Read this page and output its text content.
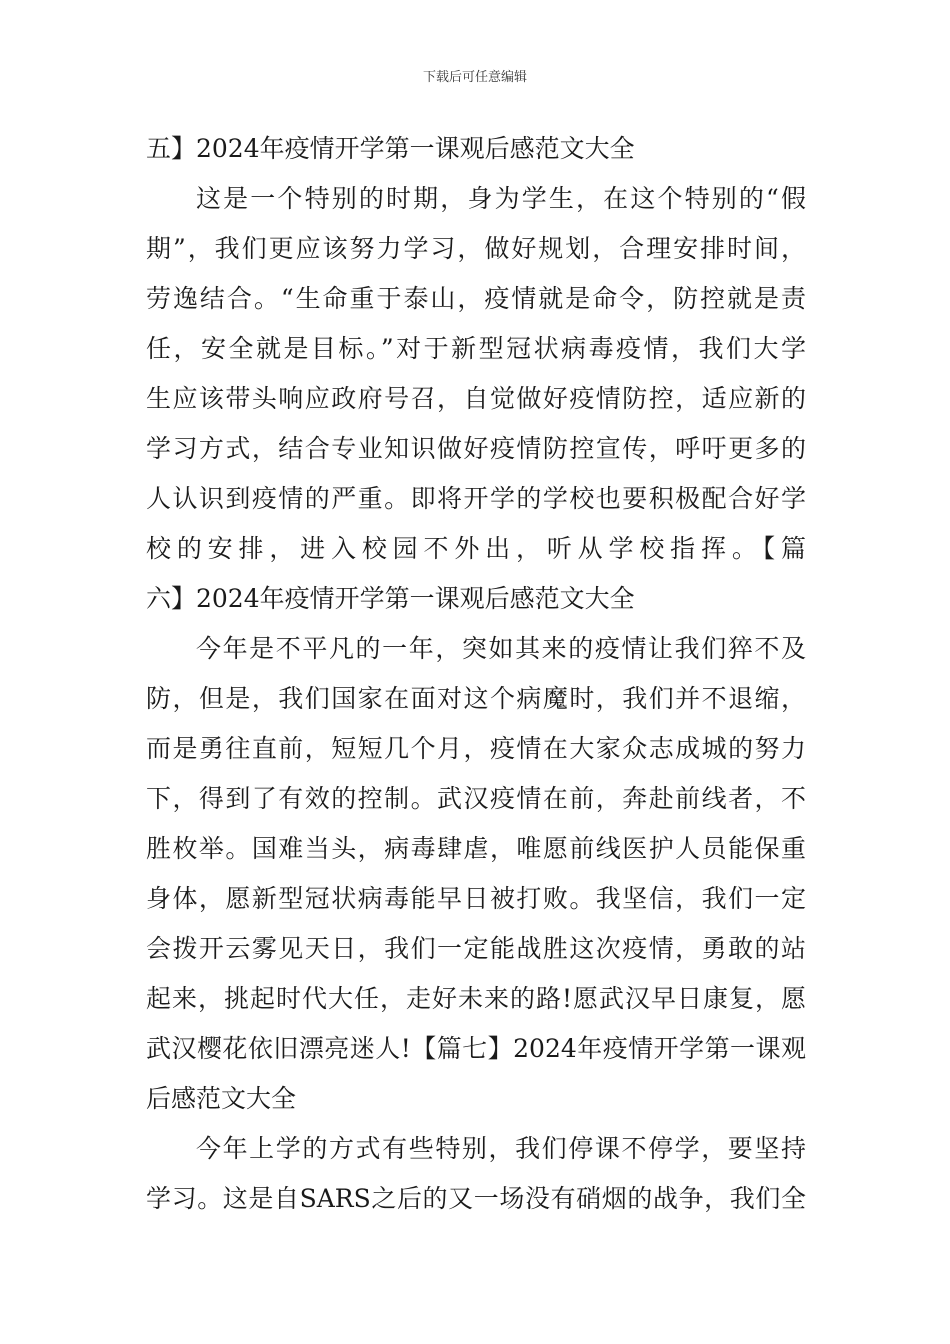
下载后可任意编辑
五】2024年疫情开学第一课观后感范文大全
这是一个特别的时期，身为学生，在这个特别的“假
期”，我们更应该努力学习，做好规划，合理安排时间，
劳逸结合。“生命重于泰山，疫情就是命令，防控就是责
任，安全就是目标。”对于新型冠状病毒疫情，我们大学
生应该带头响应政府号召，自觉做好疫情防控，适应新的
学习方式，结合专业知识做好疫情防控宣传，呼吁更多的
人认识到疫情的严重。即将开学的学校也要积极配合好学
校的安排，进入校园不外出，听从学校指挥。【篇
六】2024年疫情开学第一课观后感范文大全
今年是不平凡的一年，突如其来的疫情让我们猝不及
防，但是，我们国家在面对这个病魔时，我们并不退缩，
而是勇往直前，短短几个月，疫情在大家众志成城的努力
下，得到了有效的控制。武汉疫情在前，奔赴前线者，不
胜枚举。国难当头，病毒肆虐，唯愿前线医护人员能保重
身体，愿新型冠状病毒能早日被打败。我坚信，我们一定
会拨开云雾见天日，我们一定能战胜这次疫情，勇敢的站
起来，挑起时代大任，走好未来的路!愿武汉早日康复，愿
武汉樱花依旧漂亮迷人!【篇七】2024年疫情开学第一课观
后感范文大全
今年上学的方式有些特别，我们停课不停学，要坚持
学习。这是自SARS之后的又一场没有硝烟的战争，我们全
